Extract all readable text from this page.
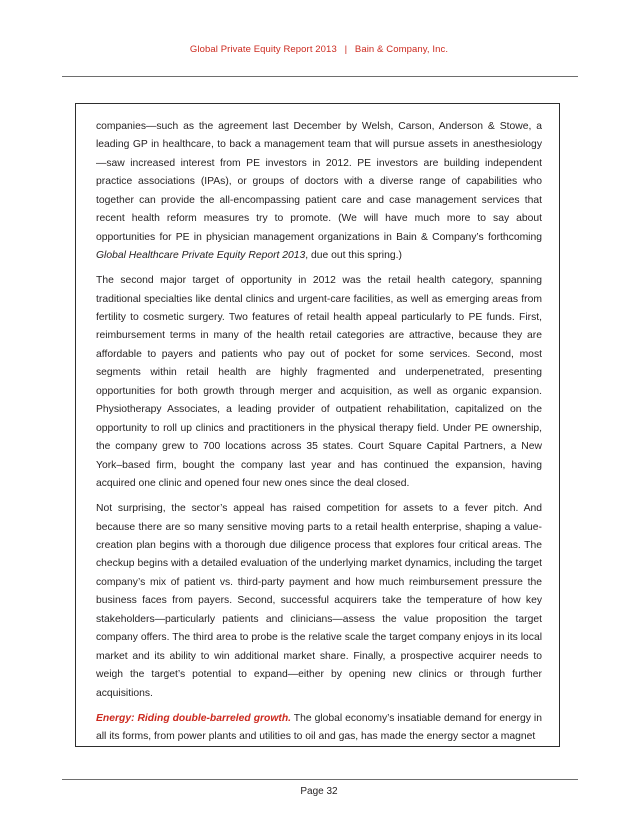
Global Private Equity Report 2013 | Bain & Company, Inc.

companies—such as the agreement last December by Welsh, Carson, Anderson & Stowe, a leading GP in healthcare, to back a management team that will pursue assets in anesthesiology—saw increased interest from PE investors in 2012. PE investors are building independent practice associations (IPAs), or groups of doctors with a diverse range of capabilities who together can provide the all-encompassing patient care and case management services that recent health reform measures try to promote. (We will have much more to say about opportunities for PE in physician management organizations in Bain & Company’s forthcoming Global Healthcare Private Equity Report 2013, due out this spring.)

The second major target of opportunity in 2012 was the retail health category, spanning traditional specialties like dental clinics and urgent-care facilities, as well as emerging areas from fertility to cosmetic surgery. Two features of retail health appeal particularly to PE funds. First, reimbursement terms in many of the health retail categories are attractive, because they are affordable to payers and patients who pay out of pocket for some services. Second, most segments within retail health are highly fragmented and underpenetrated, presenting opportunities for both growth through merger and acquisition, as well as organic expansion. Physiotherapy Associates, a leading provider of outpatient rehabilitation, capitalized on the opportunity to roll up clinics and practitioners in the physical therapy field. Under PE ownership, the company grew to 700 locations across 35 states. Court Square Capital Partners, a New York–based firm, bought the company last year and has continued the expansion, having acquired one clinic and opened four new ones since the deal closed.

Not surprising, the sector’s appeal has raised competition for assets to a fever pitch. And because there are so many sensitive moving parts to a retail health enterprise, shaping a value-creation plan begins with a thorough due diligence process that explores four critical areas. The checkup begins with a detailed evaluation of the underlying market dynamics, including the target company’s mix of patient vs. third-party payment and how much reimbursement pressure the business faces from payers. Second, successful acquirers take the temperature of how key stakeholders—particularly patients and clinicians—assess the value proposition the target company offers. The third area to probe is the relative scale the target company enjoys in its local market and its ability to win additional market share. Finally, a prospective acquirer needs to weigh the target’s potential to expand—either by opening new clinics or through further acquisitions.

Energy: Riding double-barreled growth. The global economy’s insatiable demand for energy in all its forms, from power plants and utilities to oil and gas, has made the energy sector a magnet

Page 32
